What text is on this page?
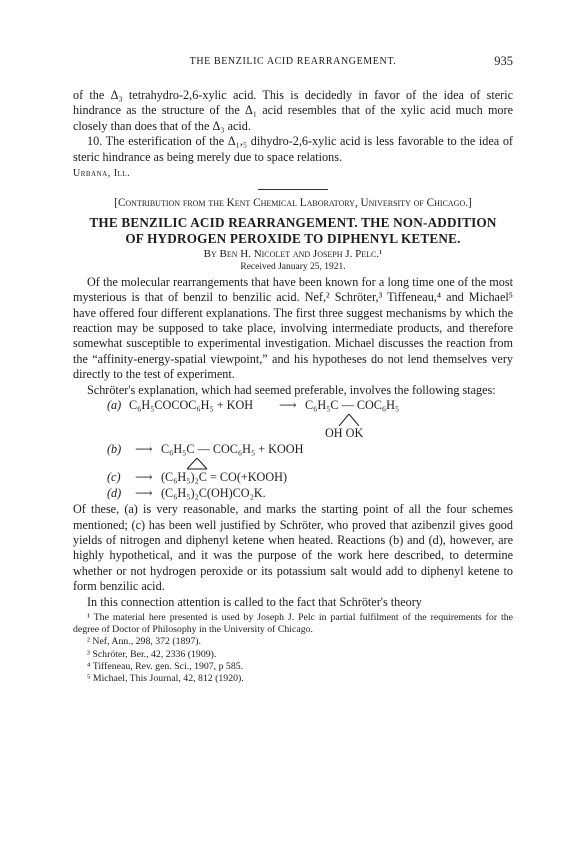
THE BENZILIC ACID REARRANGEMENT.	935

of the Δ₃ tetrahydro-2,6-xylic acid. This is decidedly in favor of the idea of steric hindrance as the structure of the Δ₁ acid resembles that of the xylic acid much more closely than does that of the Δ₃ acid.

10. The esterification of the Δ₁,₅ dihydro-2,6-xylic acid is less favorable to the idea of steric hindrance as being merely due to space relations.

Urbana, Ill.
[Contribution from the Kent Chemical Laboratory, University of Chicago.]
THE BENZILIC ACID REARRANGEMENT. THE NON-ADDITION
OF HYDROGEN PEROXIDE TO DIPHENYL KETENE.
By Ben H. Nicolet and Joseph J. Pelc.¹
Received January 25, 1921.

Of the molecular rearrangements that have been known for a long time one of the most mysterious is that of benzil to benzilic acid. Nef,² Schröter,³ Tiffeneau,⁴ and Michael⁵ have offered four different explanations. The first three suggest mechanisms by which the reaction may be supposed to take place, involving intermediate products, and therefore somewhat susceptible to experimental investigation. Michael discusses the reaction from the “affinity-energy-spatial viewpoint,” and his hypotheses do not lend themselves very directly to the test of experiment.

Schröter's explanation, which had seemed preferable, involves the following stages:

(a) C₆H₅COCOC₆H₅ + KOH ⟶ C₆H₅C — COC₆H₅
OH OK
(b) ⟶ C₆H₅C — COC₆H₅ + KOOH
(c) ⟶ (C₆H₅)₂C = CO(+KOOH)
(d) ⟶ (C₆H₅)₂C(OH)CO₂K.

Of these, (a) is very reasonable, and marks the starting point of all the four schemes mentioned; (c) has been well justified by Schröter, who proved that azibenzil gives good yields of nitrogen and diphenyl ketene when heated. Reactions (b) and (d), however, are highly hypothetical, and it was the purpose of the work here described, to determine whether or not hydrogen peroxide or its potassium salt would add to diphenyl ketene to form benzilic acid.

In this connection attention is called to the fact that Schröter's theory

¹ The material here presented is used by Joseph J. Pelc in partial fulfilment of the requirements for the degree of Doctor of Philosophy in the University of Chicago.

² Nef, Ann., 298, 372 (1897).

³ Schröter, Ber., 42, 2336 (1909).

⁴ Tiffeneau, Rev. gen. Sci., 1907, p 585.

⁵ Michael, This Journal, 42, 812 (1920).
